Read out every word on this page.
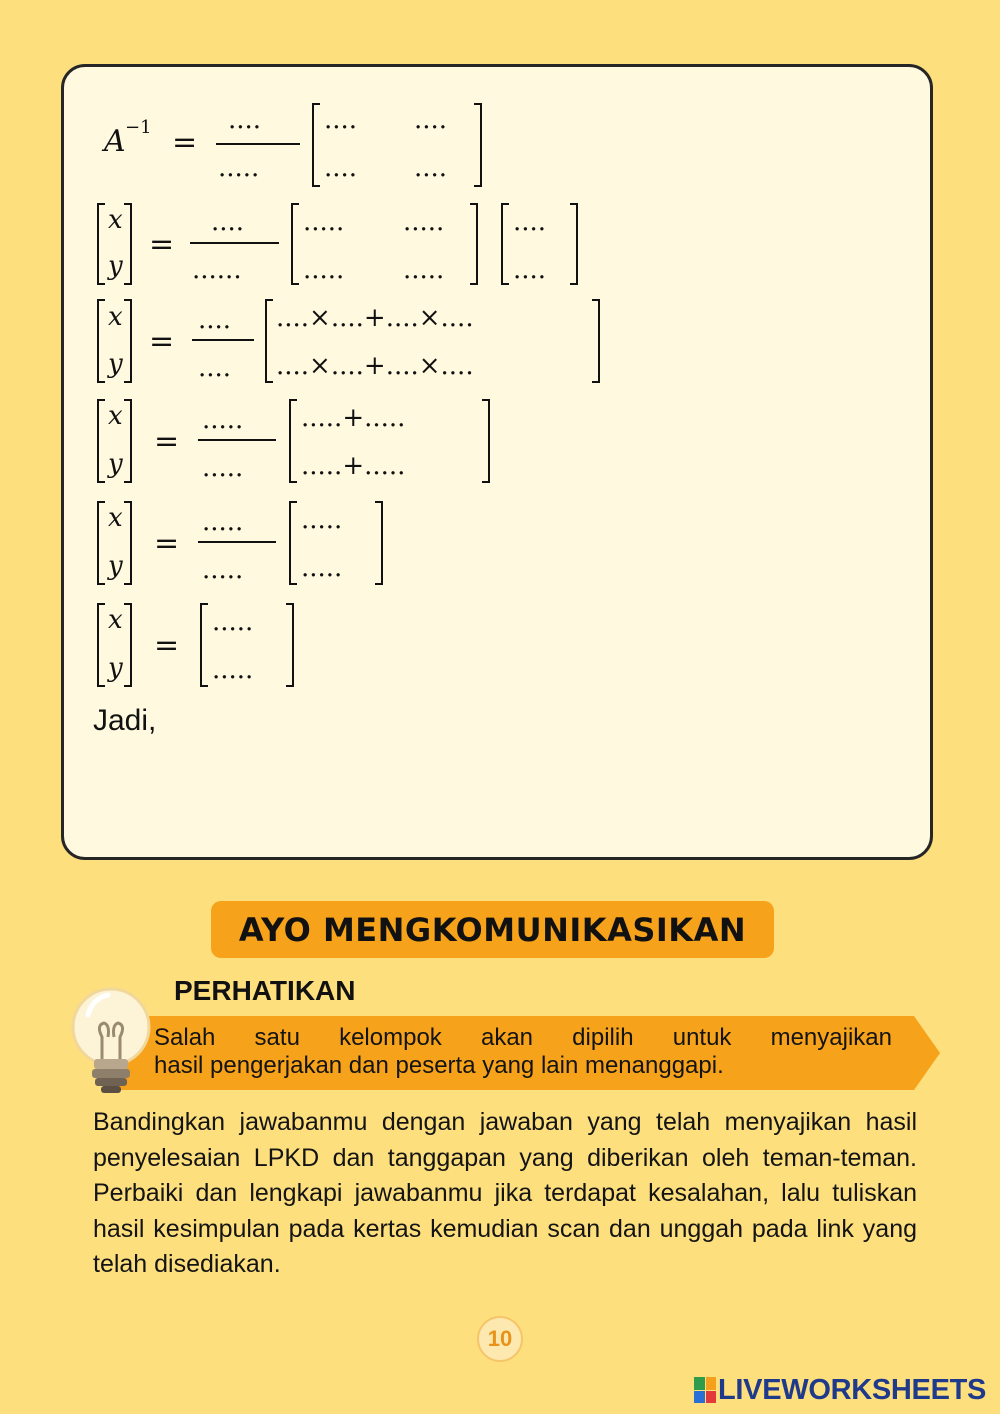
A −1 =
....
.....
.... ....
.... ....
x
y
=
....
......
..... .....
..... .....
....
....
x
y
=
....
....
....×....+....×....
....×....+....×....
x
y
=
.....
.....
.....+.....
.....+.....
x
y
=
.....
.....
.....
.....
x
y
=
.....
.....
Jadi,
AYO MENGKOMUNIKASIKAN
PERHATIKAN
Salah satu kelompok akan dipilih untuk menyajikan
hasil pengerjakan dan peserta yang lain menanggapi.
Bandingkan jawabanmu dengan jawaban yang telah menyajikan hasil penyelesaian LPKD dan tanggapan yang diberikan oleh teman-teman. Perbaiki dan lengkapi jawabanmu jika terdapat kesalahan, lalu tuliskan hasil kesimpulan pada kertas kemudian scan dan unggah pada link yang telah disediakan.
10
LIVEWORKSHEETS
